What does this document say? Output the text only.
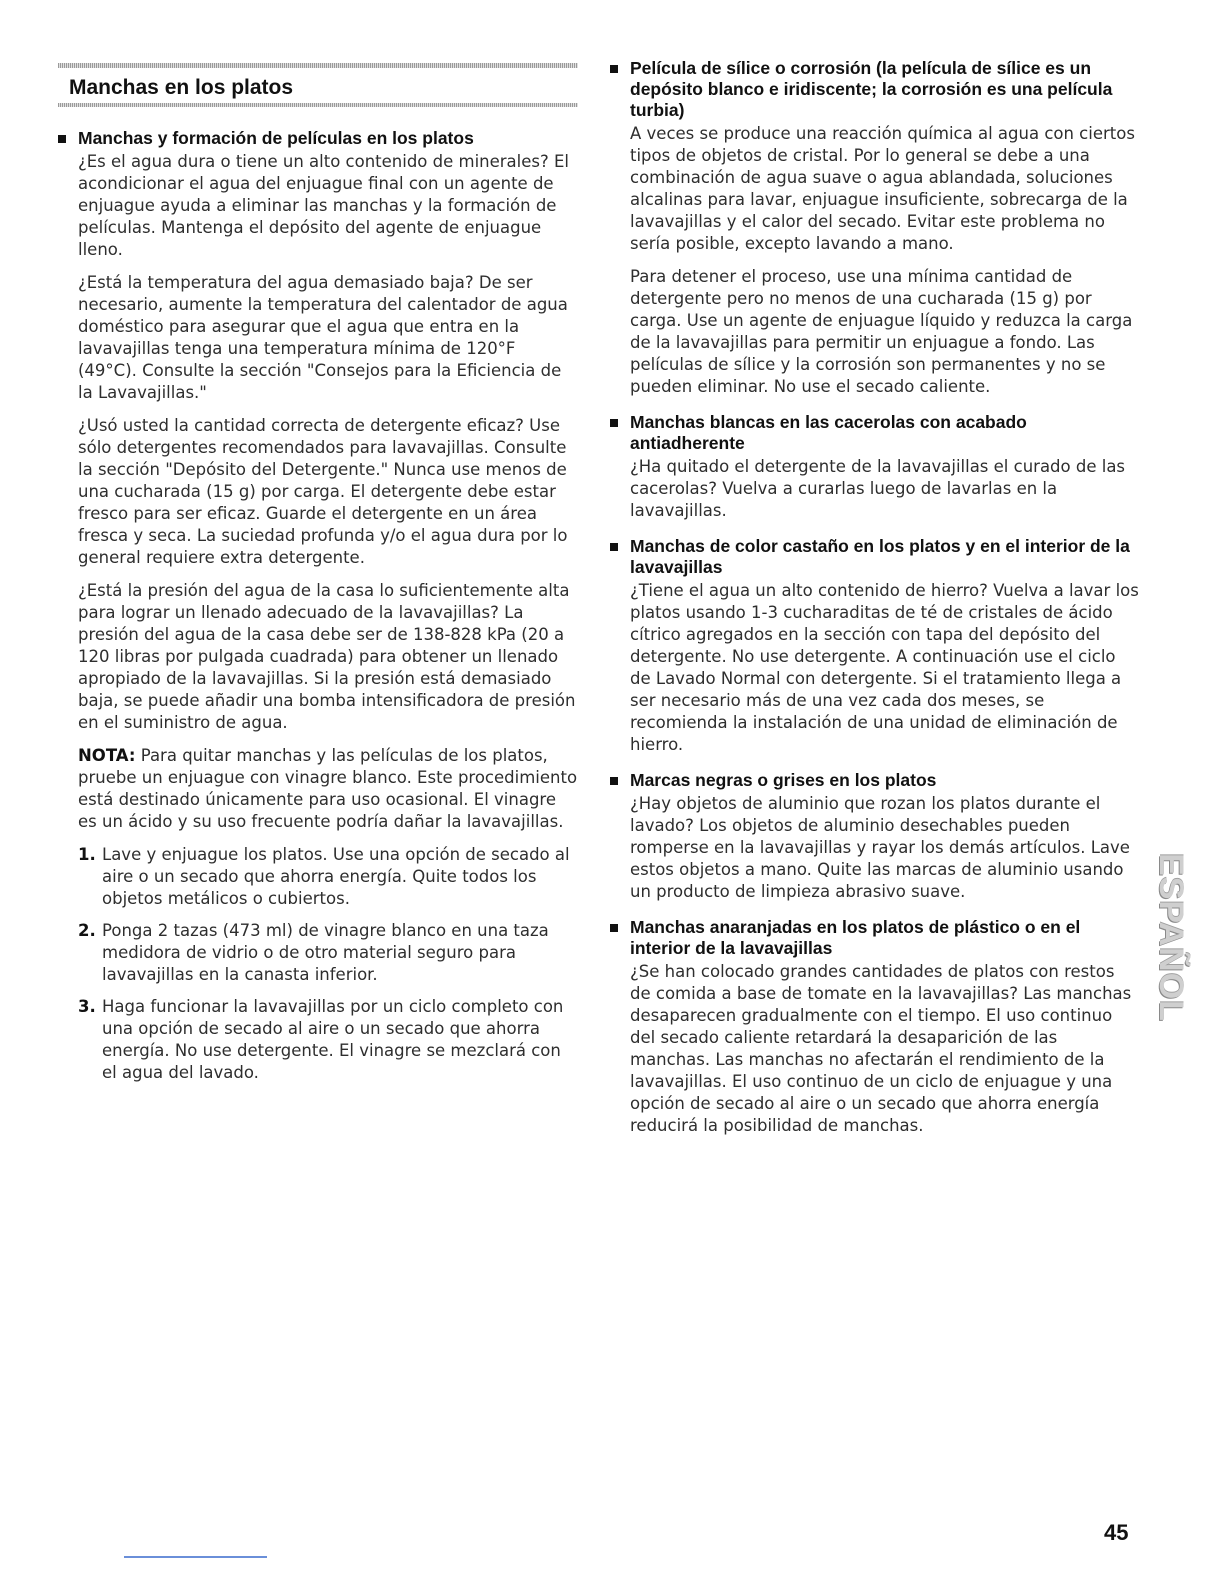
Manchas en los platos
Manchas y formación de películas en los platos

¿Es el agua dura o tiene un alto contenido de minerales? El acondicionar el agua del enjuague final con un agente de enjuague ayuda a eliminar las manchas y la formación de películas. Mantenga el depósito del agente de enjuague lleno.

¿Está la temperatura del agua demasiado baja? De ser necesario, aumente la temperatura del calentador de agua doméstico para asegurar que el agua que entra en la lavavajillas tenga una temperatura mínima de 120°F (49°C). Consulte la sección "Consejos para la Eficiencia de la Lavavajillas."

¿Usó usted la cantidad correcta de detergente eficaz? Use sólo detergentes recomendados para lavavajillas. Consulte la sección "Depósito del Detergente." Nunca use menos de una cucharada (15 g) por carga. El detergente debe estar fresco para ser eficaz. Guarde el detergente en un área fresca y seca. La suciedad profunda y/o el agua dura por lo general requiere extra detergente.

¿Está la presión del agua de la casa lo suficientemente alta para lograr un llenado adecuado de la lavavajillas? La presión del agua de la casa debe ser de 138-828 kPa (20 a 120 libras por pulgada cuadrada) para obtener un llenado apropiado de la lavavajillas. Si la presión está demasiado baja, se puede añadir una bomba intensificadora de presión en el suministro de agua.

NOTA: Para quitar manchas y las películas de los platos, pruebe un enjuague con vinagre blanco. Este procedimiento está destinado únicamente para uso ocasional. El vinagre es un ácido y su uso frecuente podría dañar la lavavajillas.

1. Lave y enjuague los platos. Use una opción de secado al aire o un secado que ahorra energía. Quite todos los objetos metálicos o cubiertos.
2. Ponga 2 tazas (473 ml) de vinagre blanco en una taza medidora de vidrio o de otro material seguro para lavavajillas en la canasta inferior.
3. Haga funcionar la lavavajillas por un ciclo completo con una opción de secado al aire o un secado que ahorra energía. No use detergente. El vinagre se mezclará con el agua del lavado.
Película de sílice o corrosión (la película de sílice es un depósito blanco e iridiscente; la corrosión es una película turbia)

A veces se produce una reacción química al agua con ciertos tipos de objetos de cristal. Por lo general se debe a una combinación de agua suave o agua ablandada, soluciones alcalinas para lavar, enjuague insuficiente, sobrecarga de la lavavajillas y el calor del secado. Evitar este problema no sería posible, excepto lavando a mano.

Para detener el proceso, use una mínima cantidad de detergente pero no menos de una cucharada (15 g) por carga. Use un agente de enjuague líquido y reduzca la carga de la lavavajillas para permitir un enjuague a fondo. Las películas de sílice y la corrosión son permanentes y no se pueden eliminar. No use el secado caliente.

Manchas blancas en las cacerolas con acabado antiadherente

¿Ha quitado el detergente de la lavavajillas el curado de las cacerolas? Vuelva a curarlas luego de lavarlas en la lavavajillas.

Manchas de color castaño en los platos y en el interior de la lavavajillas

¿Tiene el agua un alto contenido de hierro? Vuelva a lavar los platos usando 1-3 cucharaditas de té de cristales de ácido cítrico agregados en la sección con tapa del depósito del detergente. No use detergente. A continuación use el ciclo de Lavado Normal con detergente. Si el tratamiento llega a ser necesario más de una vez cada dos meses, se recomienda la instalación de una unidad de eliminación de hierro.

Marcas negras o grises en los platos

¿Hay objetos de aluminio que rozan los platos durante el lavado? Los objetos de aluminio desechables pueden romperse en la lavavajillas y rayar los demás artículos. Lave estos objetos a mano. Quite las marcas de aluminio usando un producto de limpieza abrasivo suave.

Manchas anaranjadas en los platos de plástico o en el interior de la lavavajillas

¿Se han colocado grandes cantidades de platos con restos de comida a base de tomate en la lavavajillas? Las manchas desaparecen gradualmente con el tiempo. El uso continuo del secado caliente retardará la desaparición de las manchas. Las manchas no afectarán el rendimiento de la lavavajillas. El uso continuo de un ciclo de enjuague y una opción de secado al aire o un secado que ahorra energía reducirá la posibilidad de manchas.

ESPAÑOL
45
